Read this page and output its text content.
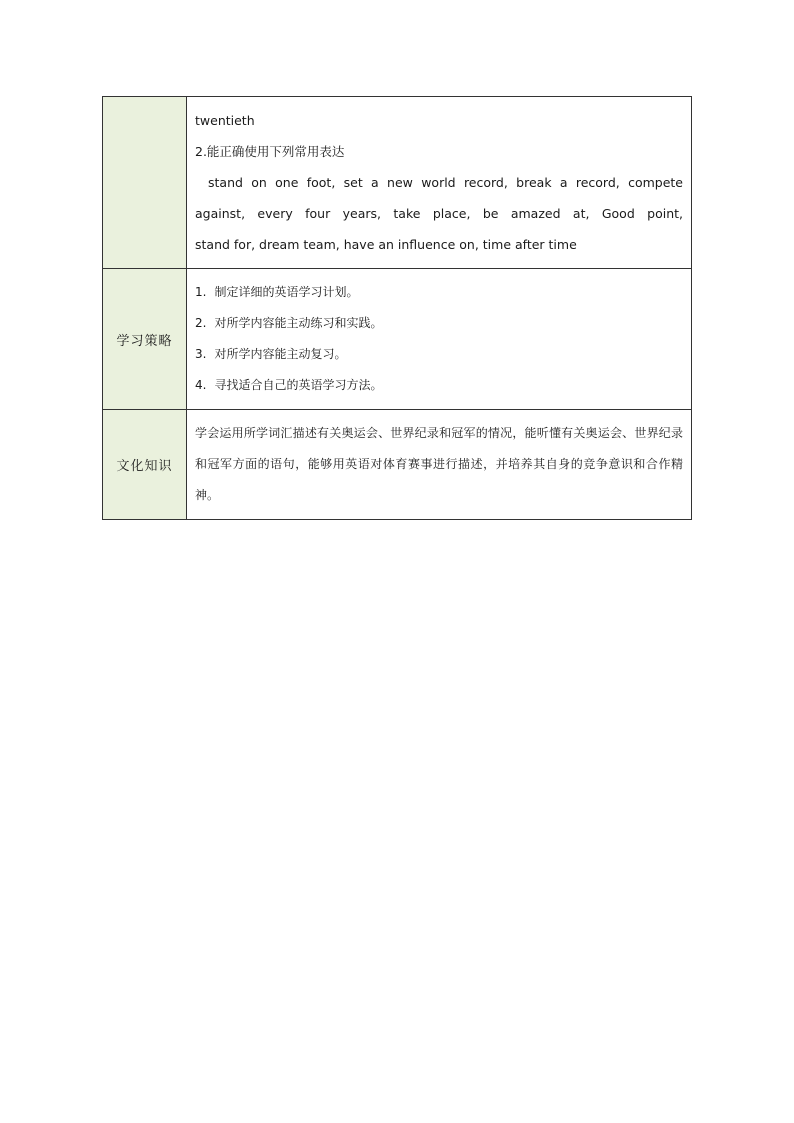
	twentieth
2.能正确使用下列常用表达
stand on one foot, set a new world record, break a record, compete
against, every four years, take place, be amazed at, Good point,
stand for, dream team, have an influence on, time after time

学习策略	1. 制定详细的英语学习计划。
2. 对所学内容能主动练习和实践。
3. 对所学内容能主动复习。
4. 寻找适合自己的英语学习方法。

文化知识	学会运用所学词汇描述有关奥运会、世界纪录和冠军的情况，能听懂有关奥运会、世界纪录和冠军方面的语句，能够用英语对体育赛事进行描述，并培养其自身的竞争意识和合作精神。
